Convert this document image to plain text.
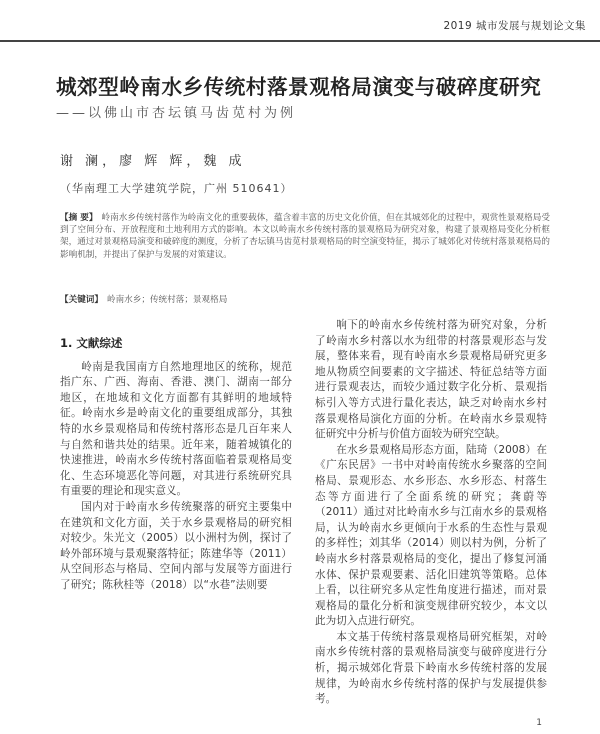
2019 城市发展与规划论文集
城郊型岭南水乡传统村落景观格局演变与破碎度研究
——以佛山市杏坛镇马齿苋村为例
谢 澜，廖 辉 辉，魏 成
（华南理工大学建筑学院，广州 510641）
【摘 要】 岭南水乡传统村落作为岭南文化的重要载体，蕴含着丰富的历史文化价值，但在其城郊化的过程中，观赏性景观格局受到了空间分布、开放程度和土地利用方式的影响。本文以岭南水乡传统村落的景观格局为研究对象，构建了景观格局变化分析框架，通过对景观格局演变和破碎度的测度，分析了杏坛镇马齿苋村景观格局的时空演变特征，揭示了城郊化对传统村落景观格局的影响机制，并提出了保护与发展的对策建议。
【关键词】 岭南水乡；传统村落；景观格局
1. 文献综述

岭南是我国南方自然地理地区的统称，规范指广东、广西、海南、香港、澳门、湖南一部分地区，在地域和文化方面都有其鲜明的地域特征。岭南水乡是岭南文化的重要组成部分，其独特的水乡景观格局和传统村落形态是几百年来人与自然和谐共处的结果。近年来，随着城镇化的快速推进，岭南水乡传统村落面临着景观格局变化、生态环境恶化等问题，对其进行系统研究具有重要的理论和现实意义。

国内对于岭南水乡传统聚落的研究主要集中在建筑和文化方面，关于水乡景观格局的研究相对较少。朱光文（2005）以小洲村为例，探讨了岭外部环境与景观聚落特征；陈建华等（2011）从空间形态与格局、空间内部与发展等方面进行了研究；陈秋桂等（2018）以“水巷”法则要

响下的岭南水乡传统村落为研究对象，分析了岭南水乡村落以水为纽带的村落景观形态与发展，整体来看，现有岭南水乡景观格局研究更多地从物质空间要素的文字描述、特征总结等方面进行景观表达，而较少通过数字化分析、景观指标引入等方式进行量化表达，缺乏对岭南水乡村落景观格局演化方面的分析。在岭南水乡景观特征研究中分析与价值方面较为研究空缺。

在水乡景观格局形态方面，陆琦（2008）在《广东民居》一书中对岭南传统水乡聚落的空间格局、景观形态、水乡形态、水乡形态、村落生态等方面进行了全面系统的研究；龚蔚等（2011）通过对比岭南水乡与江南水乡的景观格局，认为岭南水乡更倾向于水系的生态性与景观的多样性；刘其华（2014）则以村为例，分析了岭南水乡村落景观格局的变化，提出了修复河涌水体、保护景观要素、活化旧建筑等策略。总体上看，以往研究多从定性角度进行描述，而对景观格局的量化分析和演变规律研究较少，本文以此为切入点进行研究。

本文基于传统村落景观格局研究框架，对岭南水乡传统村落的景观格局演变与破碎度进行分析，揭示城郊化背景下岭南水乡传统村落的发展规律，为岭南水乡传统村落的保护与发展提供参考。

1
